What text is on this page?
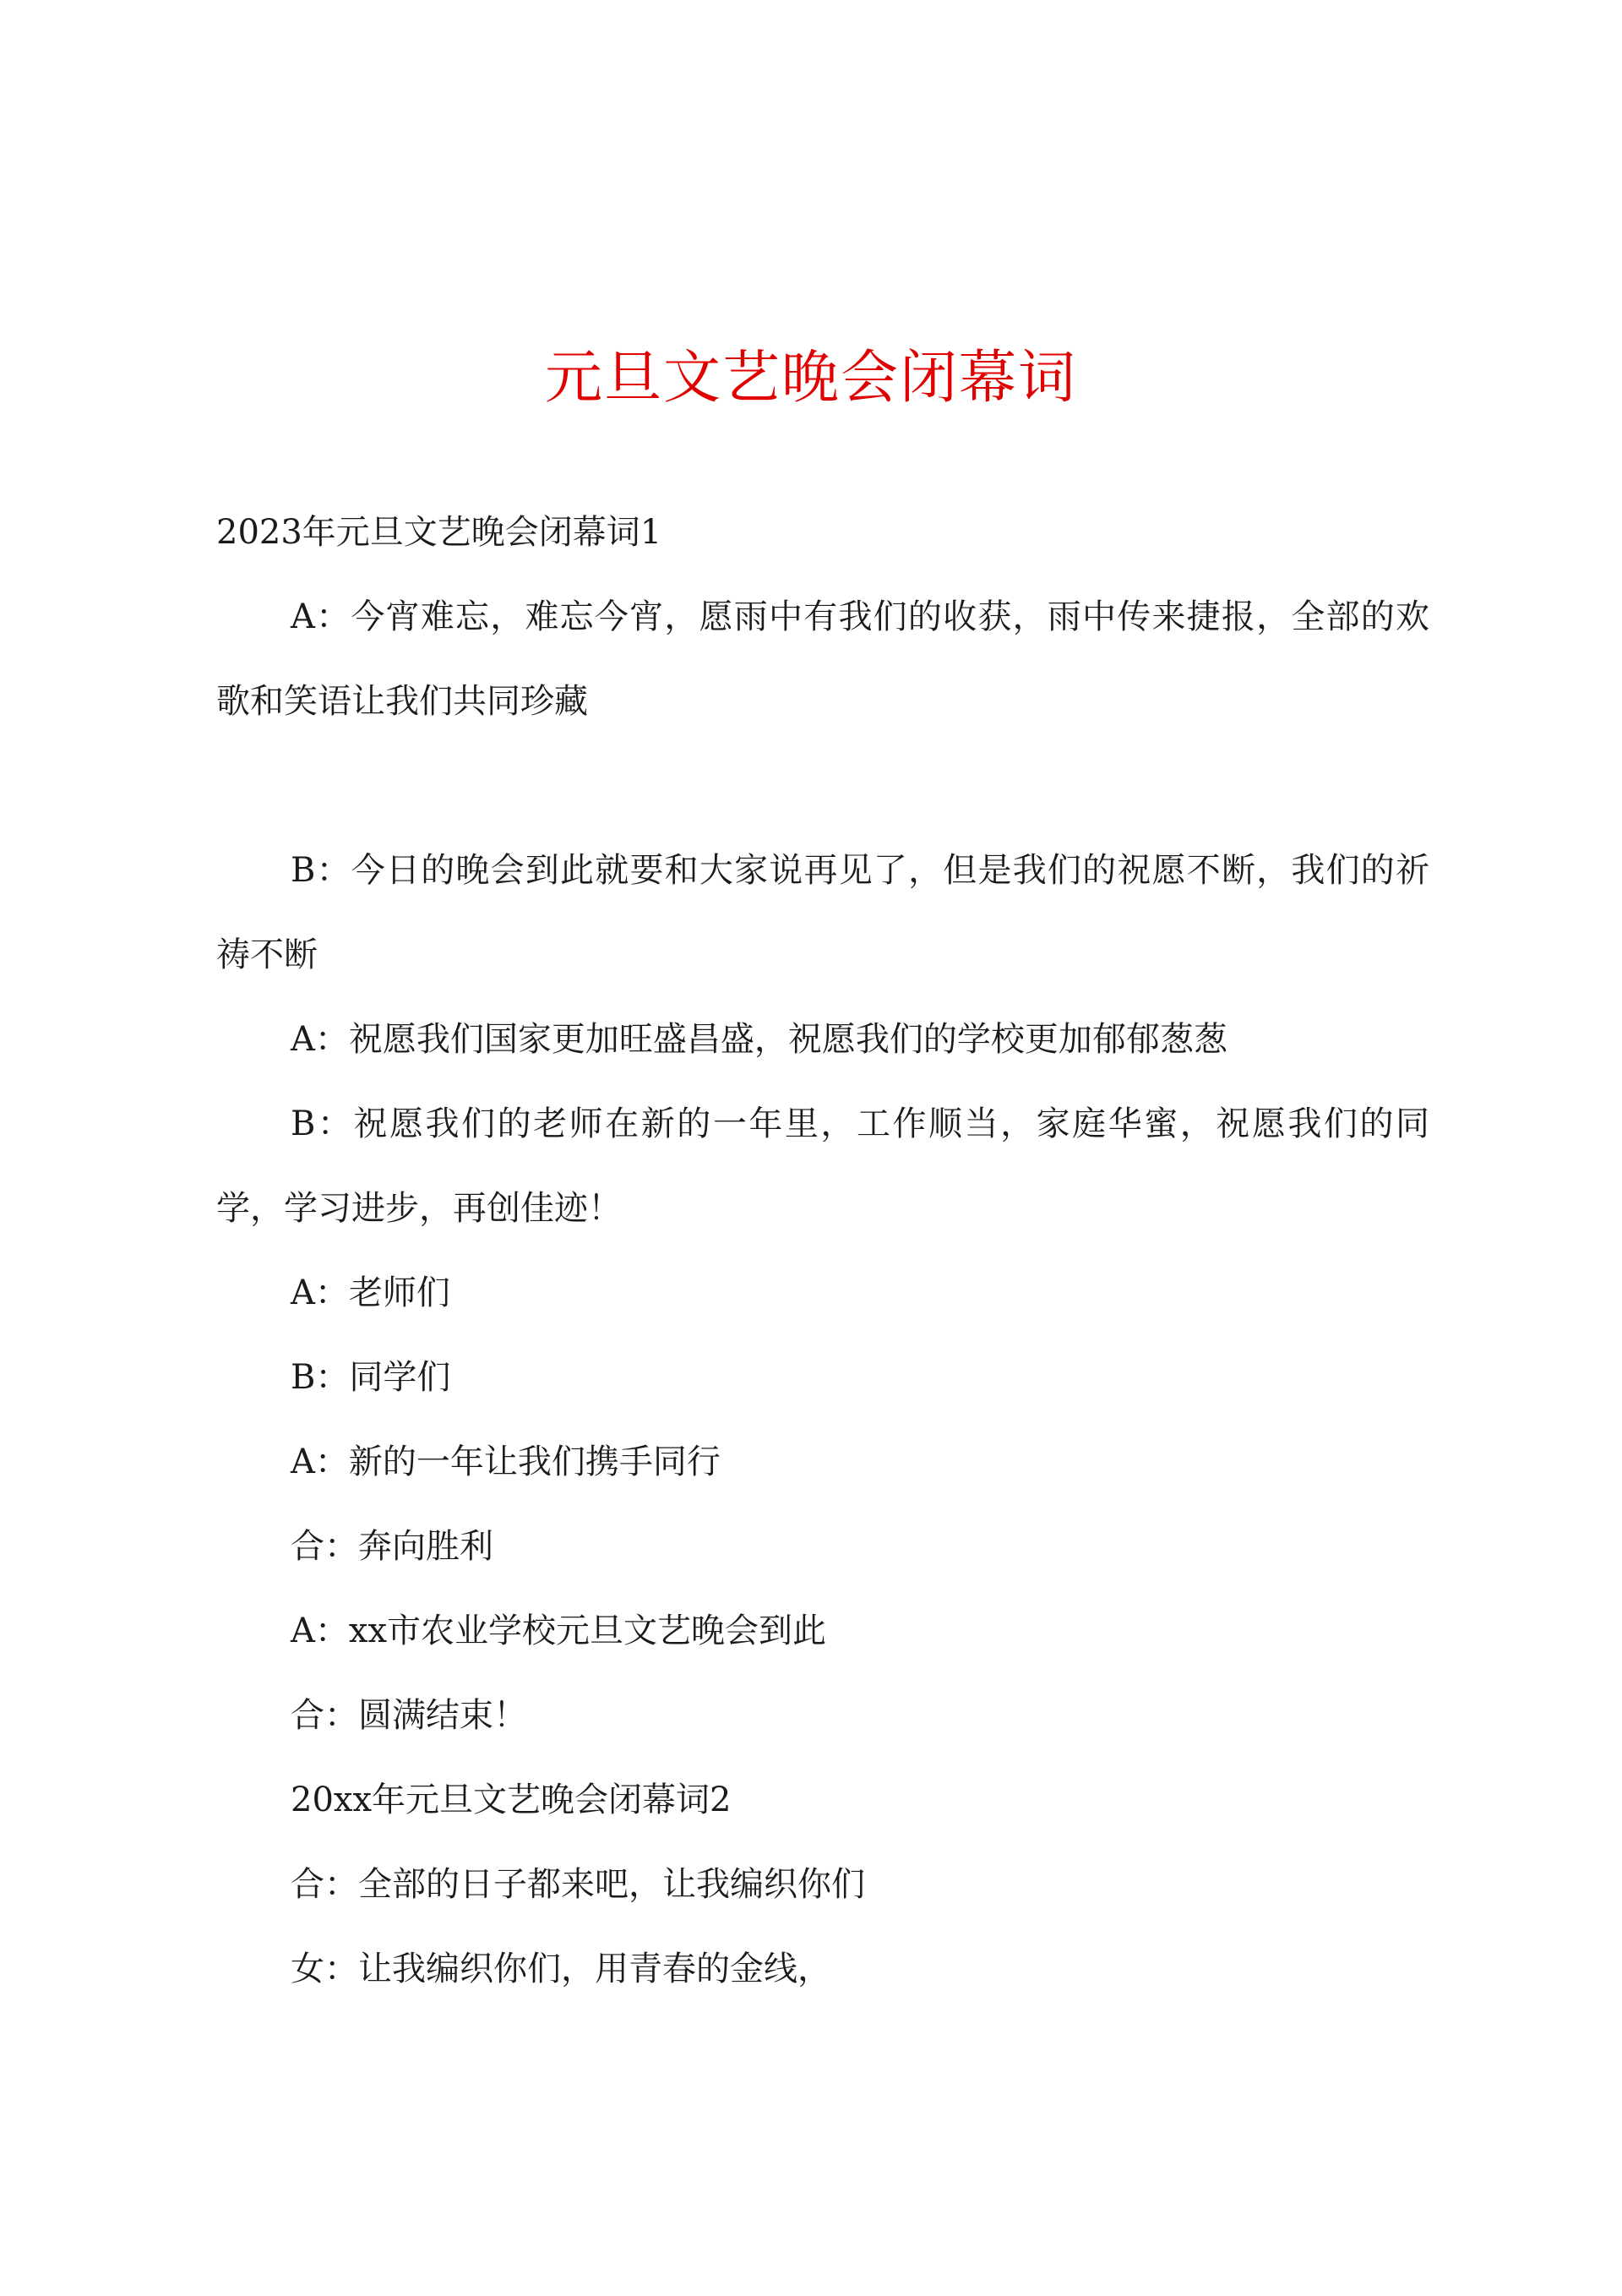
元旦文艺晚会闭幕词

2023年元旦文艺晚会闭幕词1

A：今宵难忘，难忘今宵，愿雨中有我们的收获，雨中传来捷报，全部的欢歌和笑语让我们共同珍藏

B：今日的晚会到此就要和大家说再见了，但是我们的祝愿不断，我们的祈祷不断

A：祝愿我们国家更加旺盛昌盛，祝愿我们的学校更加郁郁葱葱

B：祝愿我们的老师在新的一年里，工作顺当，家庭华蜜，祝愿我们的同学，学习进步，再创佳迹！

A：老师们

B：同学们

A：新的一年让我们携手同行

合：奔向胜利

A：xx市农业学校元旦文艺晚会到此

合：圆满结束！

20xx年元旦文艺晚会闭幕词2

合：全部的日子都来吧，让我编织你们

女：让我编织你们，用青春的金线，
